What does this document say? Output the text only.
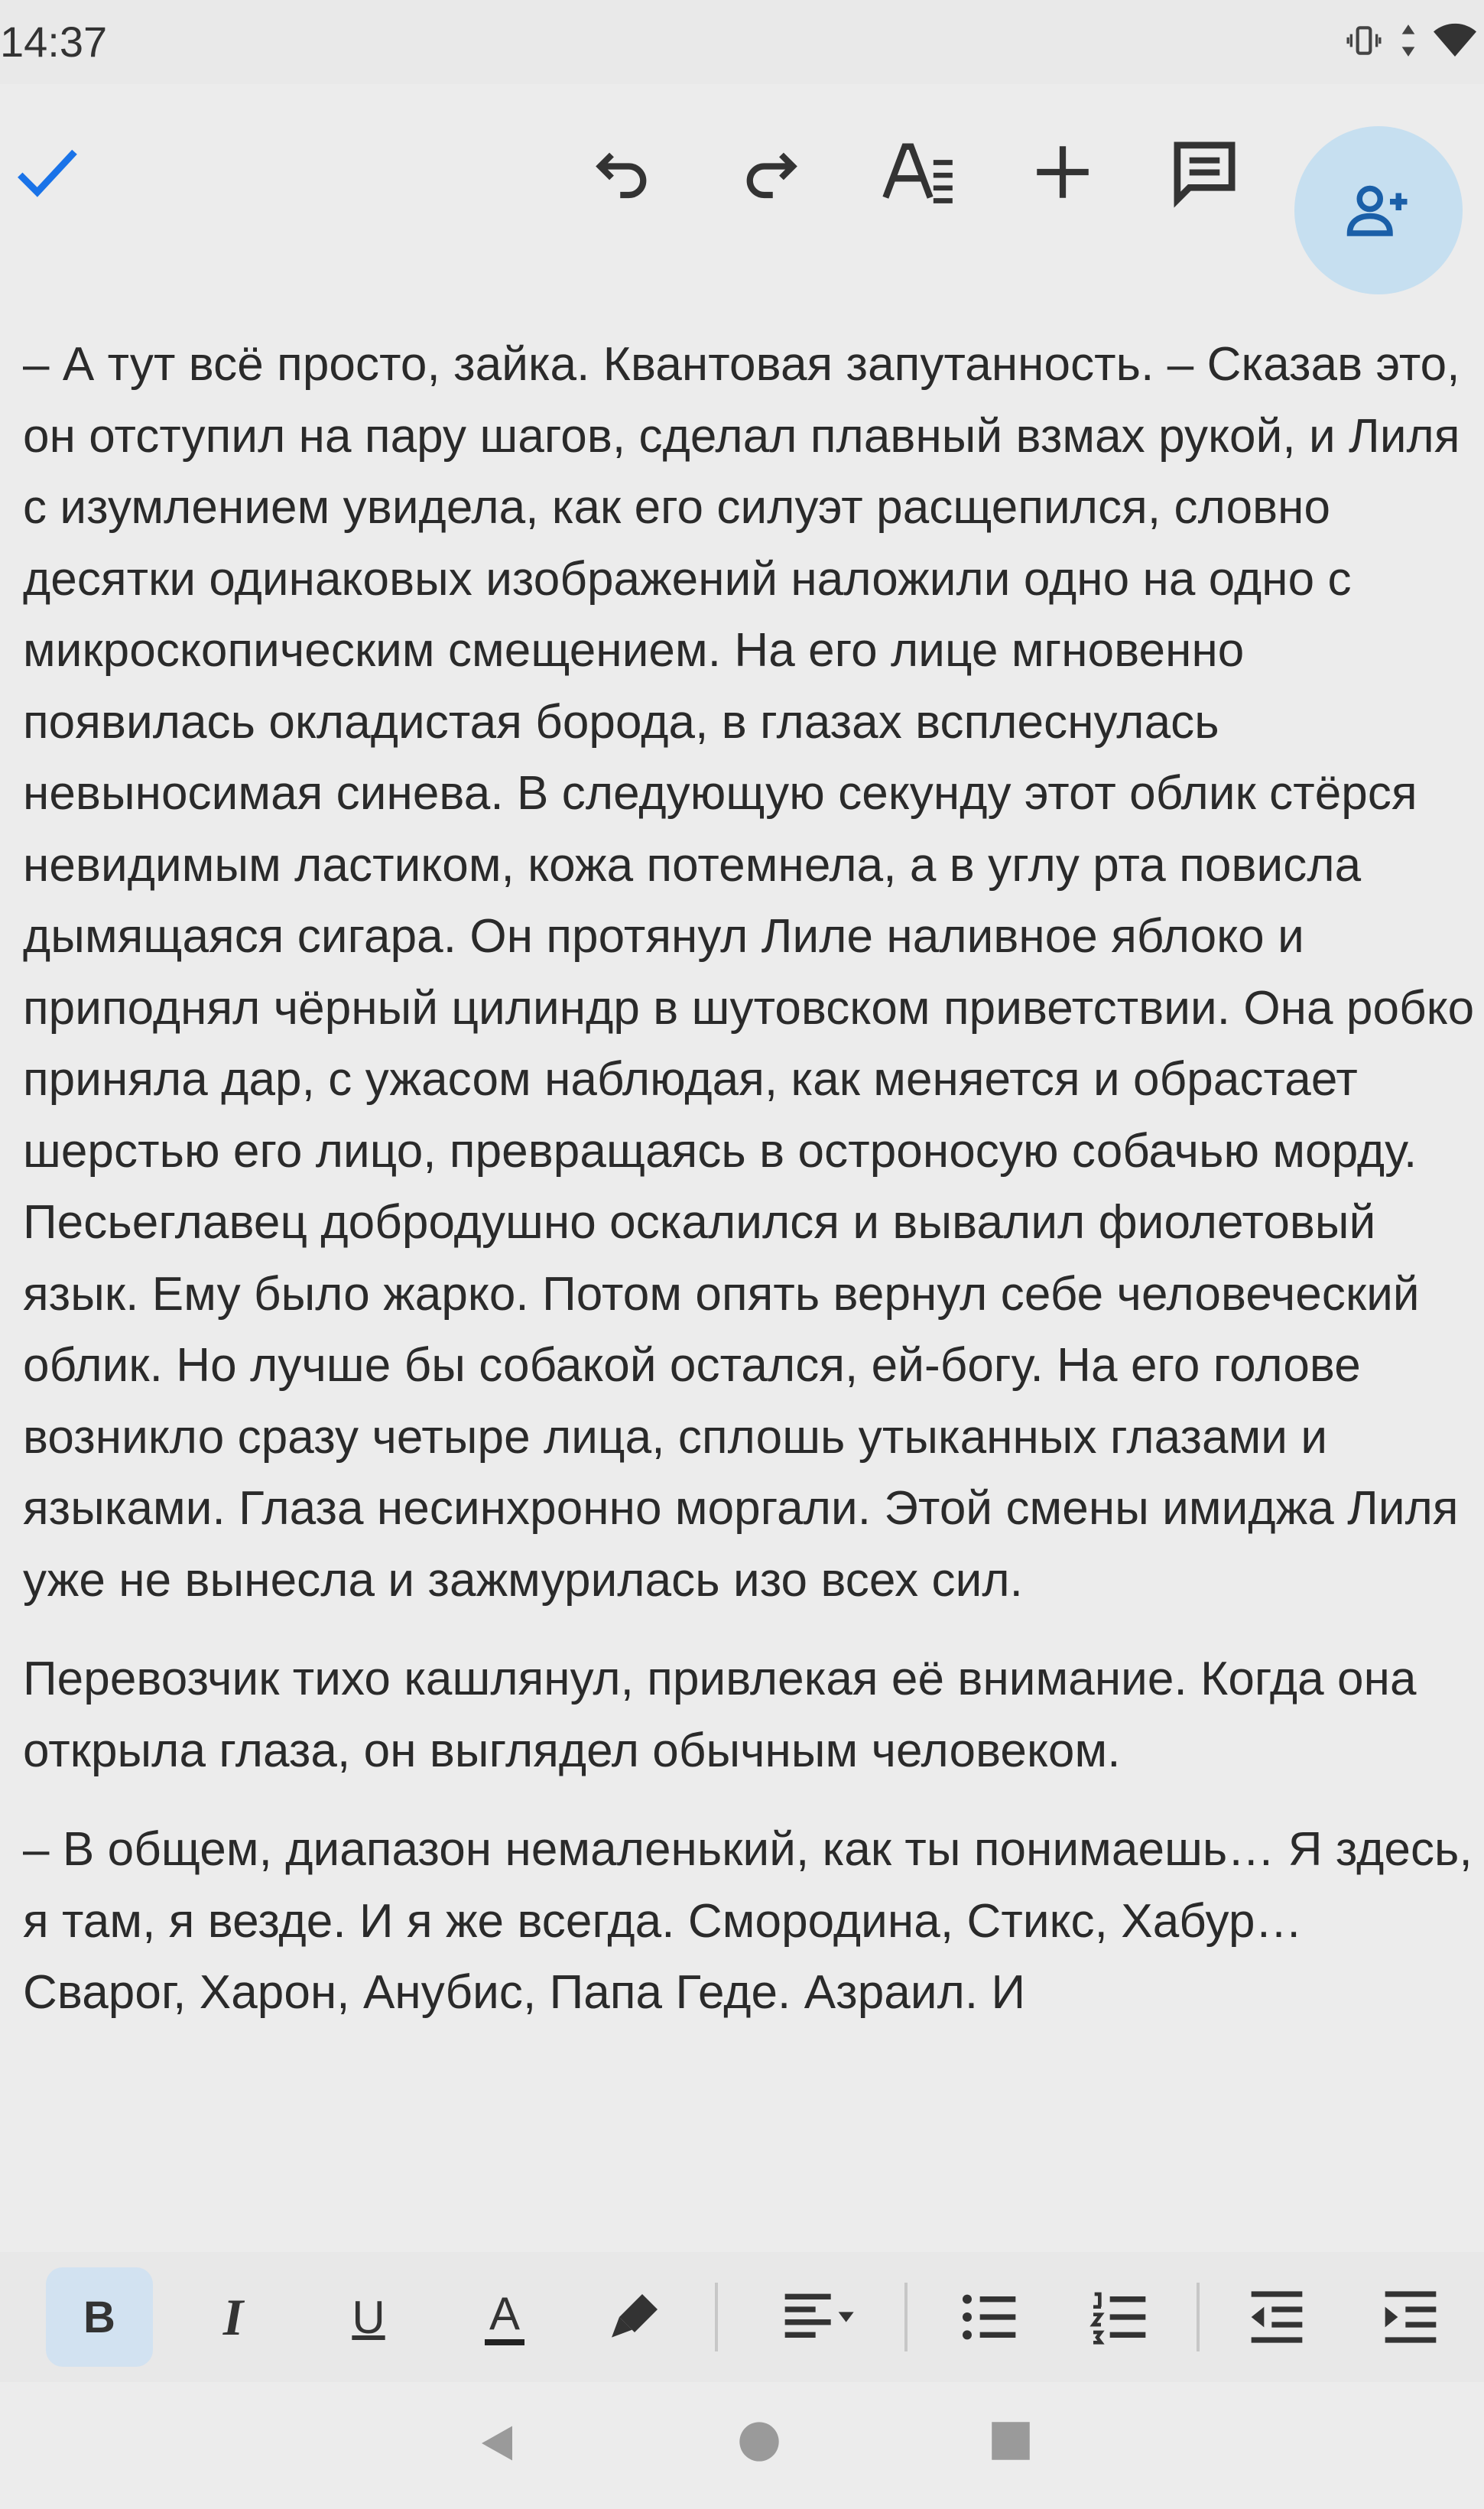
14:37

– А тут всё просто, зайка. Квантовая запутанность. – Сказав это, он отступил на пару шагов, сделал плавный взмах рукой, и Лиля с изумлением увидела, как его силуэт расщепился, словно десятки одинаковых изображений наложили одно на одно с микроскопическим смещением. На его лице мгновенно появилась окладистая борода, в глазах всплеснулась невыносимая синева. В следующую секунду этот облик стёрся невидимым ластиком, кожа потемнела, а в углу рта повисла дымящаяся сигара. Он протянул Лиле наливное яблоко и приподнял чёрный цилиндр в шутовском приветствии. Она робко приняла дар, с ужасом наблюдая, как меняется и обрастает шерстью его лицо, превращаясь в остроносую собачью морду. Песьеглавец добродушно оскалился и вывалил фиолетовый язык. Ему было жарко. Потом опять вернул себе человеческий облик. Но лучше бы собакой остался, ей-богу. На его голове возникло сразу четыре лица, сплошь утыканных глазами и языками. Глаза несинхронно моргали. Этой смены имиджа Лиля уже не вынесла и зажмурилась изо всех сил.

Перевозчик тихо кашлянул, привлекая её внимание. Когда она открыла глаза, он выглядел обычным человеком.

– В общем, диапазон немаленький, как ты понимаешь… Я здесь, я там, я везде. И я же всегда. Смородина, Стикс, Хабур… Сварог, Харон, Анубис, Папа Геде. Азраил. И

B I U A
